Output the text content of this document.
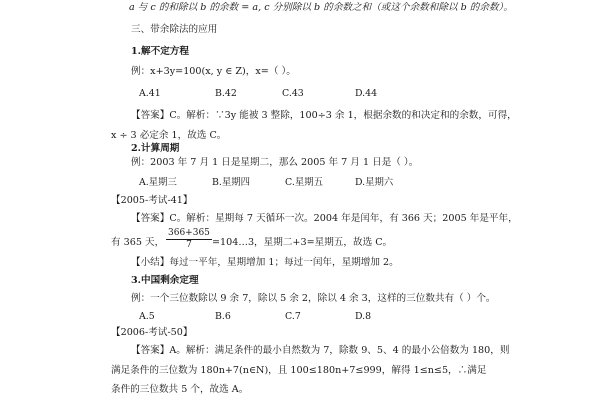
a 与 c 的和除以 b 的余数 = a, c 分别除以 b 的余数之和（或这个余数和除以 b 的余数）。
三、带余除法的应用
1.解不定方程
例：x+3y=100(x, y ∈ Z)，x=（ ）。
A.41	B.42	C.43	D.44
【答案】C。解析：∵3y 能被 3 整除，100÷3 余 1，根据余数的和决定和的余数，可得，
x ÷ 3 必定余 1，故选 C。
2.计算周期
例：2003 年 7 月 1 日是星期二，那么 2005 年 7 月 1 日是（ ）。
A.星期三	B.星期四	C.星期五	D.星期六
【2005-考试-41】
【答案】C。解析：星期每 7 天循环一次。2004 年是闰年，有 366 天；2005 年是平年，
有 365 天， $\frac{366+365}{7}$ =104…3，星期二+3=星期五，故选 C。
【小结】每过一平年，星期增加 1；每过一闰年，星期增加 2。
3.中国剩余定理
例：一个三位数除以 9 余 7，除以 5 余 2，除以 4 余 3，这样的三位数共有（ ）个。
A.5	B.6	C.7	D.8
【2006-考试-50】
【答案】A。解析：满足条件的最小自然数为 7，除数 9、5、4 的最小公倍数为 180，则
满足条件的三位数为 180n+7(n∈N)，且 100≤180n+7≤999，解得 1≤n≤5，∴满足
条件的三位数共 5 个，故选 A。
